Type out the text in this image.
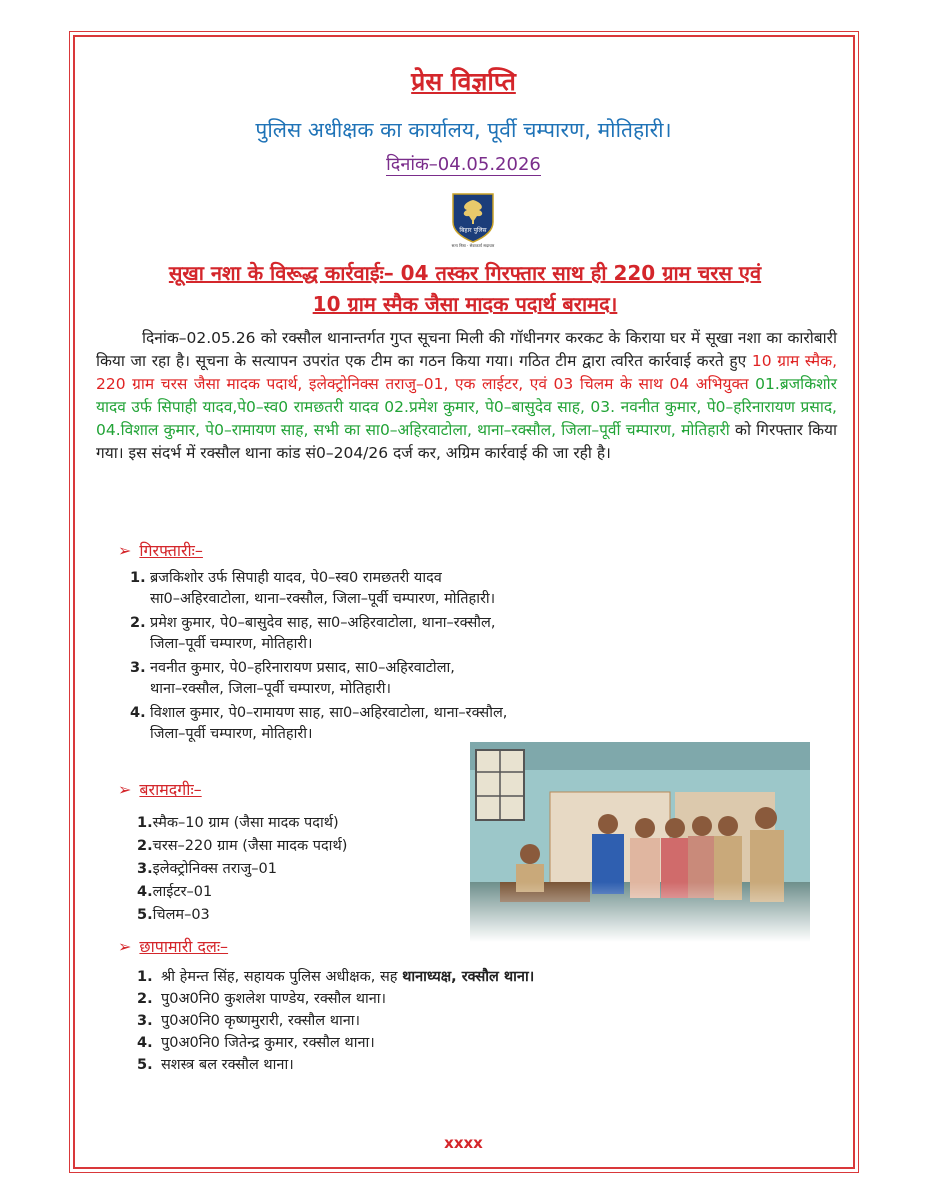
प्रेस विज्ञप्ति
पुलिस अधीक्षक का कार्यालय, पूर्वी चम्पारण, मोतिहारी।
दिनांक–04.05.2026
बिहार पुलिस
सत्य निष्ठा · सेवाकार्य सदाचार
सूखा नशा के विरूद्ध कार्रवाईः– 04 तस्कर गिरफ्तार साथ ही 220 ग्राम चरस एवं
10 ग्राम स्मैक जैसा मादक पदार्थ बरामद।
दिनांक–02.05.26 को रक्सौल थानान्तर्गत गुप्त सूचना मिली की गॉधीनगर करकट के किराया घर में सूखा नशा का कारोबारी किया जा रहा है। सूचना के सत्यापन उपरांत एक टीम का गठन किया गया। गठित टीम द्वारा त्वरित कार्रवाई करते हुए 10 ग्राम स्मैक, 220 ग्राम चरस जैसा मादक पदार्थ, इलेक्ट्रोनिक्स तराजु–01, एक लाईटर, एवं 03 चिलम के साथ 04 अभियुक्त 01.ब्रजकिशोर यादव उर्फ सिपाही यादव,पे0–स्व0 रामछतरी यादव 02.प्रमेश कुमार, पे0–बासुदेव साह, 03. नवनीत कुमार, पे0–हरिनारायण प्रसाद, 04.विशाल कुमार, पे0–रामायण साह, सभी का सा0–अहिरवाटोला, थाना–रक्सौल, जिला–पूर्वी चम्पारण, मोतिहारी को गिरफ्तार किया गया। इस संदर्भ में रक्सौल थाना कांड सं0–204/26 दर्ज कर, अग्रिम कार्रवाई की जा रही है।
➢ गिरफ्तारीः–
1. ब्रजकिशोर उर्फ सिपाही यादव, पे0–स्व0 रामछतरी यादव
सा0–अहिरवाटोला, थाना–रक्सौल, जिला–पूर्वी चम्पारण, मोतिहारी।
2. प्रमेश कुमार, पे0–बासुदेव साह, सा0–अहिरवाटोला, थाना–रक्सौल,
जिला–पूर्वी चम्पारण, मोतिहारी।
3. नवनीत कुमार, पे0–हरिनारायण प्रसाद, सा0–अहिरवाटोला,
थाना–रक्सौल, जिला–पूर्वी चम्पारण, मोतिहारी।
4. विशाल कुमार, पे0–रामायण साह, सा0–अहिरवाटोला, थाना–रक्सौल,
जिला–पूर्वी चम्पारण, मोतिहारी।
➢ बरामदगीः–
1.स्मैक–10 ग्राम (जैसा मादक पदार्थ)
2.चरस–220 ग्राम (जैसा मादक पदार्थ)
3.इलेक्ट्रोनिक्स तराजु–01
4.लाईटर–01
5.चिलम–03
➢ छापामारी दलः–
1. श्री हेमन्त सिंह, सहायक पुलिस अधीक्षक, सह थानाध्यक्ष, रक्सौल थाना।
2. पु0अ0नि0 कुशलेश पाण्डेय, रक्सौल थाना।
3. पु0अ0नि0 कृष्णमुरारी, रक्सौल थाना।
4. पु0अ0नि0 जितेन्द्र कुमार, रक्सौल थाना।
5. सशस्त्र बल रक्सौल थाना।
xxxx
